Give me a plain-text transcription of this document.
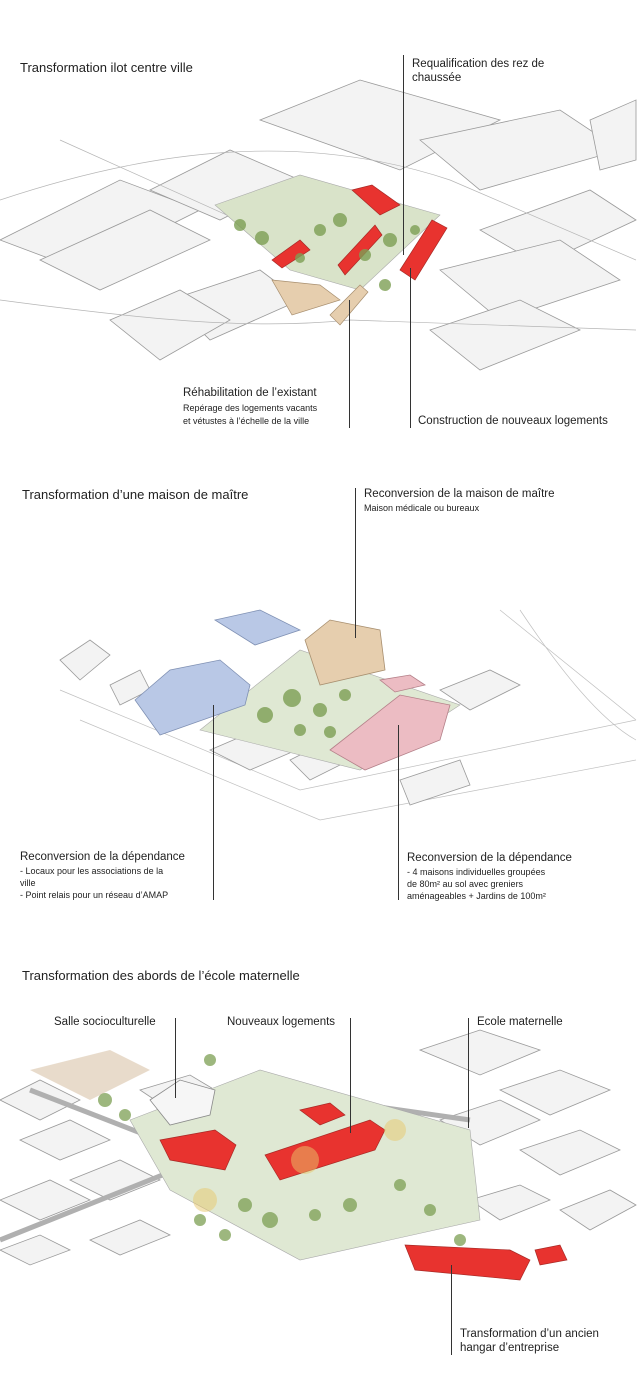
Transformation ilot centre ville	Requalification des rez de chaussée
Réhabilitation de l’existant
Repérage des logements vacants
et vétustes à l’échelle de la ville	Construction de nouveaux logements
Transformation d’une maison de maître	Reconversion de la maison de maître
Maison médicale ou bureaux
Reconversion de la dépendance
- Locaux pour les associations de la
ville
- Point relais pour un réseau d’AMAP
Reconversion de la dépendance
- 4 maisons individuelles groupées
de 80m² au sol avec greniers
aménageables + Jardins de 100m²
Transformation des abords de l’école maternelle
Salle socioculturelle	Nouveaux logements	Ecole maternelle
Transformation d’un ancien
hangar d’entreprise
